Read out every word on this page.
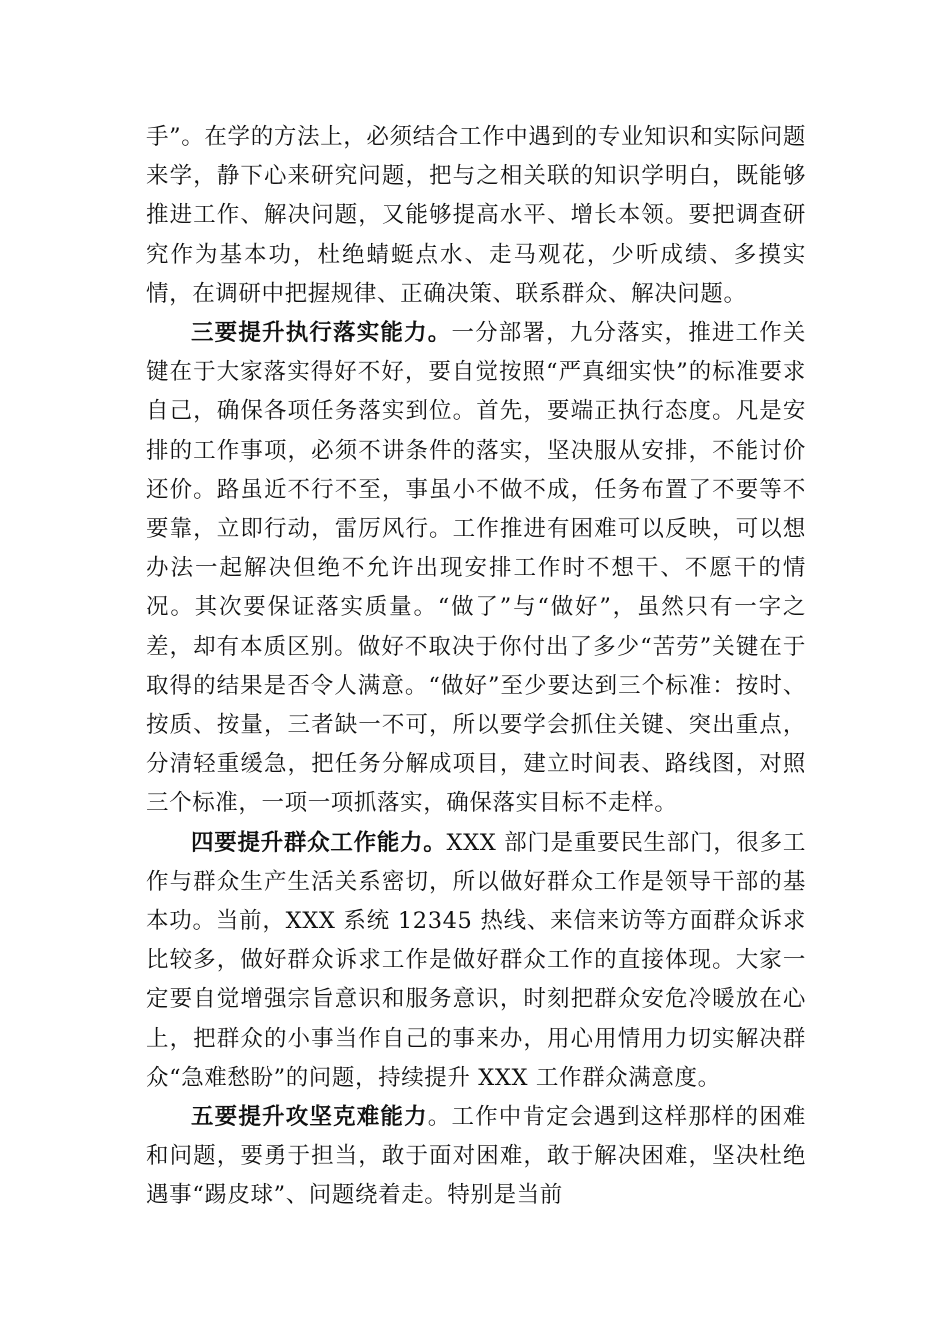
手”。在学的方法上，必须结合工作中遇到的专业知识和实际问题来学，静下心来研究问题，把与之相关联的知识学明白，既能够推进工作、解决问题，又能够提高水平、增长本领。要把调查研究作为基本功，杜绝蜻蜓点水、走马观花，少听成绩、多摸实情，在调研中把握规律、正确决策、联系群众、解决问题。

三要提升执行落实能力。一分部署，九分落实，推进工作关键在于大家落实得好不好，要自觉按照“严真细实快”的标准要求自己，确保各项任务落实到位。首先，要端正执行态度。凡是安排的工作事项，必须不讲条件的落实，坚决服从安排，不能讨价还价。路虽近不行不至，事虽小不做不成，任务布置了不要等不要靠，立即行动，雷厉风行。工作推进有困难可以反映，可以想办法一起解决但绝不允许出现安排工作时不想干、不愿干的情况。其次要保证落实质量。“做了”与“做好”，虽然只有一字之差，却有本质区别。做好不取决于你付出了多少“苦劳”关键在于取得的结果是否令人满意。“做好”至少要达到三个标准：按时、按质、按量，三者缺一不可，所以要学会抓住关键、突出重点，分清轻重缓急，把任务分解成项目，建立时间表、路线图，对照三个标准，一项一项抓落实，确保落实目标不走样。

四要提升群众工作能力。XXX 部门是重要民生部门，很多工作与群众生产生活关系密切，所以做好群众工作是领导干部的基本功。当前，XXX 系统 12345 热线、来信来访等方面群众诉求比较多，做好群众诉求工作是做好群众工作的直接体现。大家一定要自觉增强宗旨意识和服务意识，时刻把群众安危冷暖放在心上，把群众的小事当作自己的事来办，用心用情用力切实解决群众“急难愁盼”的问题，持续提升 XXX 工作群众满意度。

五要提升攻坚克难能力。工作中肯定会遇到这样那样的困难和问题，要勇于担当，敢于面对困难，敢于解决困难，坚决杜绝遇事“踢皮球”、问题绕着走。特别是当前
